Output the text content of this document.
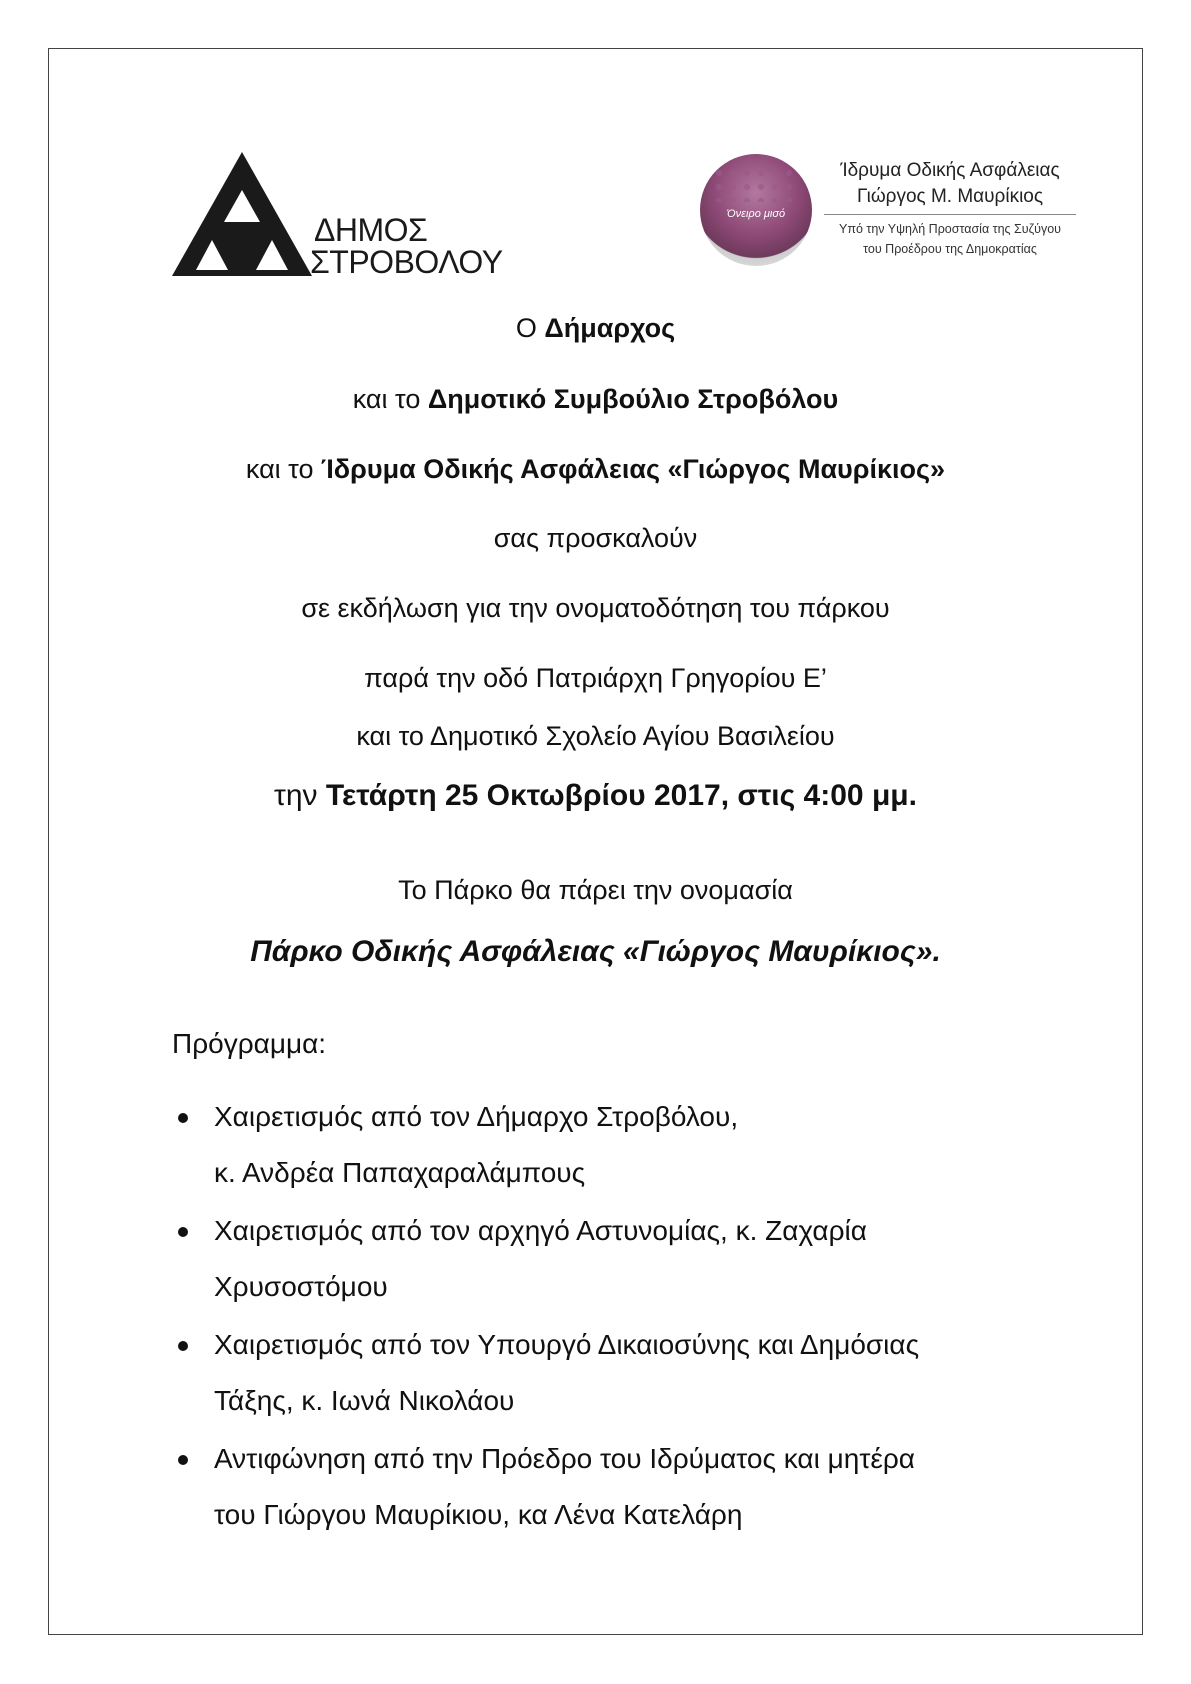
ΔΗΜΟΣ
ΣΤΡΟΒΟΛΟΥ
Όνειρο μισό
Ίδρυμα Οδικής Ασφάλειας
Γιώργος Μ. Μαυρίκιος
Υπό την Υψηλή Προστασία της Συζύγου
του Προέδρου της Δημοκρατίας
Ο Δήμαρχος
και το Δημοτικό Συμβούλιο Στροβόλου
και το Ίδρυμα Οδικής Ασφάλειας «Γιώργος Μαυρίκιος»
σας προσκαλούν
σε εκδήλωση για την ονοματοδότηση του πάρκου
παρά την οδό Πατριάρχη Γρηγορίου Ε’
και το Δημοτικό Σχολείο Αγίου Βασιλείου
την Τετάρτη 25 Οκτωβρίου 2017, στις 4:00 μμ.
Το Πάρκο θα πάρει την ονομασία
Πάρκο Οδικής Ασφάλειας «Γιώργος Μαυρίκιος».
Πρόγραμμα:
Χαιρετισμός από τον Δήμαρχο Στροβόλου,
κ. Ανδρέα Παπαχαραλάμπους
Χαιρετισμός από τον αρχηγό Αστυνομίας, κ. Ζαχαρία
Χρυσοστόμου
Χαιρετισμός από τον Υπουργό Δικαιοσύνης και Δημόσιας
Τάξης, κ. Ιωνά Νικολάου
Αντιφώνηση από την Πρόεδρο του Ιδρύματος και μητέρα
του Γιώργου Μαυρίκιου, κα Λένα Κατελάρη
